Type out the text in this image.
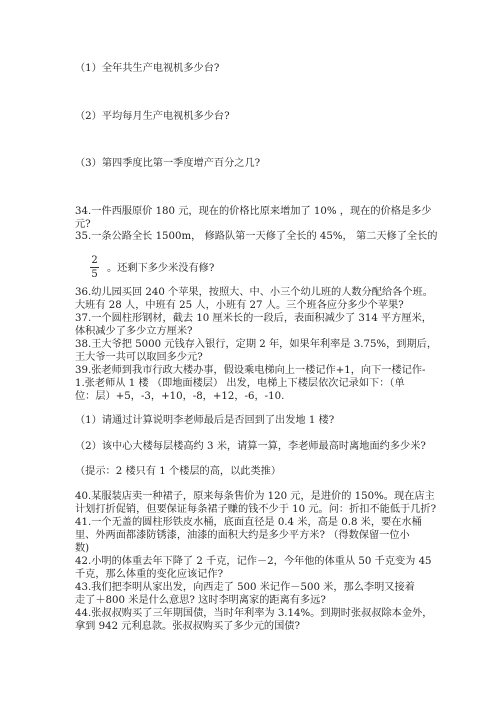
（1）全年共生产电视机多少台?
（2）平均每月生产电视机多少台?
（3）第四季度比第一季度增产百分之几?
34.一件西服原价 180 元，现在的价格比原来增加了 10% ，现在的价格是多少
元?
35.一条公路全长 1500m， 修路队第一天修了全长的 45%， 第二天修了全长的
2
5
。还剩下多少米没有修?
36.幼儿园买回 240 个苹果，按照大、中、小三个幼儿班的人数分配给各个班。
大班有 28 人，中班有 25 人，小班有 27 人。三个班各应分多少个苹果?
37.一个圆柱形钢材，截去 10 厘米长的一段后，表面积减少了 314 平方厘米，
体积减少了多少立方厘米?
38.王大爷把 5000 元钱存入银行，定期 2 年，如果年利率是 3.75%，到期后，
王大爷一共可以取回多少元?
39.张老师到我市行政大楼办事，假设乘电梯向上一楼记作+1，向下一楼记作-
1.张老师从 1 楼 （即地面楼层） 出发，电梯上下楼层依次记录如下：（单
位：层）+5，-3，+10，-8，+12，-6，-10.
（1）请通过计算说明李老师最后是否回到了出发地 1 楼?
（2）该中心大楼每层楼高约 3 米，请算一算，李老师最高时离地面约多少米?
（提示：2 楼只有 1 个楼层的高，以此类推）
40.某服装店卖一种裙子，原来每条售价为 120 元，是进价的 150%。现在店主
计划打折促销，但要保证每条裙子赚的钱不少于 10 元。问：折扣不能低于几折?
41.一个无盖的圆柱形铁皮水桶，底面直径是 0.4 米，高是 0.8 米，要在水桶
里、外两面都漆防锈漆，油漆的面积大约是多少平方米? （得数保留一位小
数)
42.小明的体重去年下降了 2 千克，记作－2，今年他的体重从 50 千克变为 45
千克，那么体重的变化应该记作?
43.我们把李明从家出发，向西走了 500 米记作－500 米，那么李明又接着
走了＋800 米是什么意思? 这时李明离家的距离有多远?
44.张叔叔购买了三年期国债，当时年利率为 3.14%。到期时张叔叔除本金外，
拿到 942 元利息款。张叔叔购买了多少元的国债?
